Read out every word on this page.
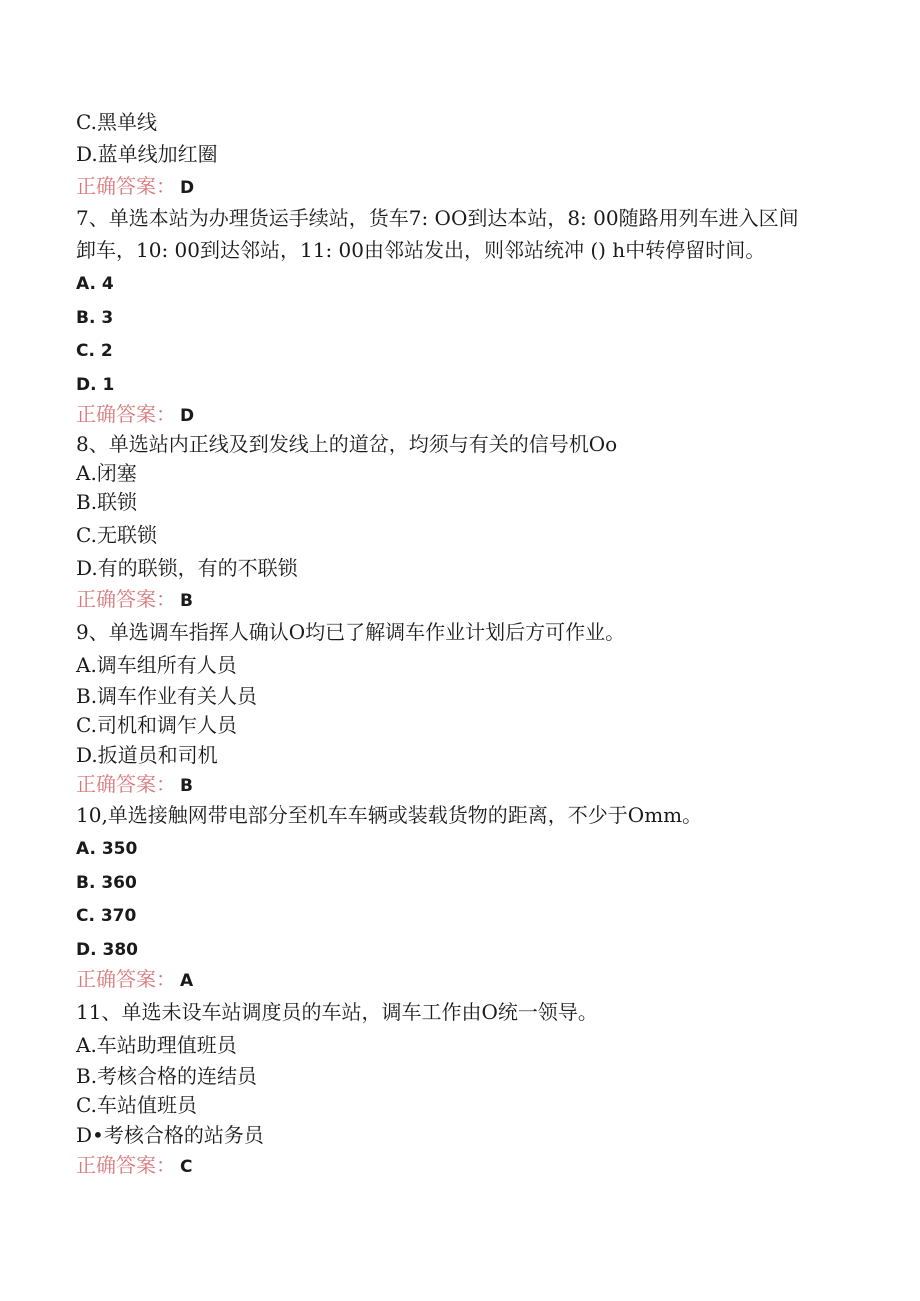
C.黑单线
D.蓝单线加红圈
正确答案： D
7、单选本站为办理货运手续站，货车7: OO到达本站，8: 00随路用列车进入区间
卸车，10: 00到达邻站，11: 00由邻站发出，则邻站统冲 () h中转停留时间。
A. 4
B. 3
C. 2
D. 1
正确答案： D
8、单选站内正线及到发线上的道岔，均须与有关的信号机Oo
A.闭塞
B.联锁
C.无联锁
D.有的联锁，有的不联锁
正确答案： B
9、单选调车指挥人确认O均已了解调车作业计划后方可作业。
A.调车组所有人员
B.调车作业有关人员
C.司机和调乍人员
D.扳道员和司机
正确答案： B
10,单选接触网带电部分至机车车辆或装载货物的距离，不少于Omm。
A. 350
B. 360
C. 370
D. 380
正确答案： A
11、单选未设车站调度员的车站，调车工作由O统一领导。
A.车站助理值班员
B.考核合格的连结员
C.车站值班员
D•考核合格的站务员
正确答案： C
